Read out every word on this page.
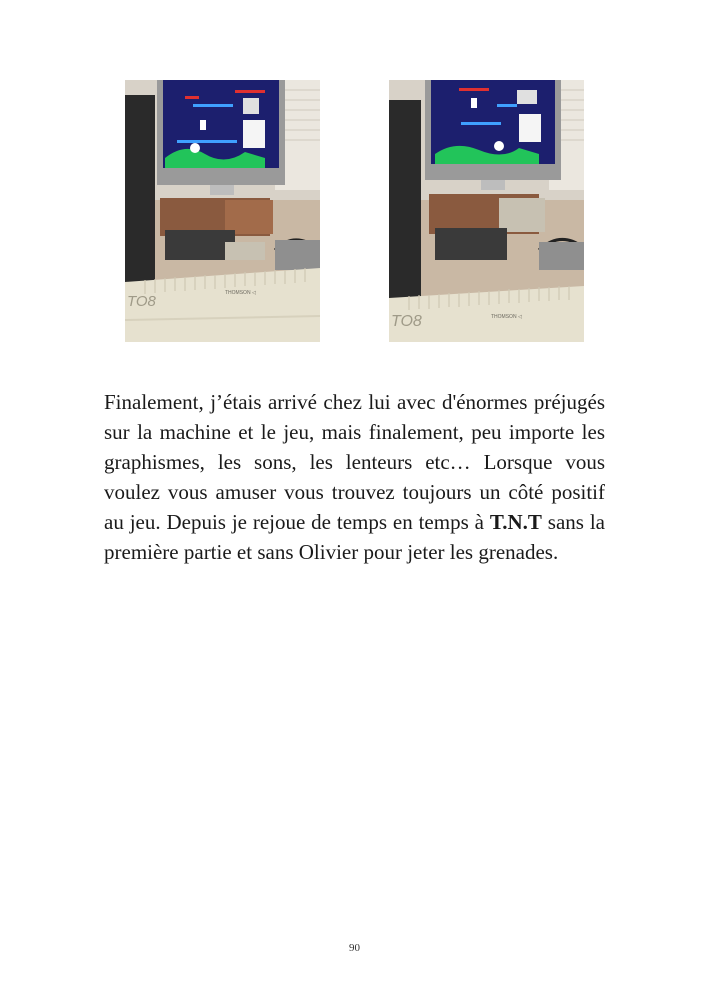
TO8	THOMSON ◁
TO8	THOMSON ◁

Finalement, j’étais arrivé chez lui avec d'énormes préjugés sur la machine et le jeu, mais finalement, peu importe les graphismes, les sons, les lenteurs etc… Lorsque vous voulez vous amuser vous trouvez toujours un côté positif au jeu. Depuis je rejoue de temps en temps à T.N.T sans la première partie et sans Olivier pour jeter les grenades.

90
